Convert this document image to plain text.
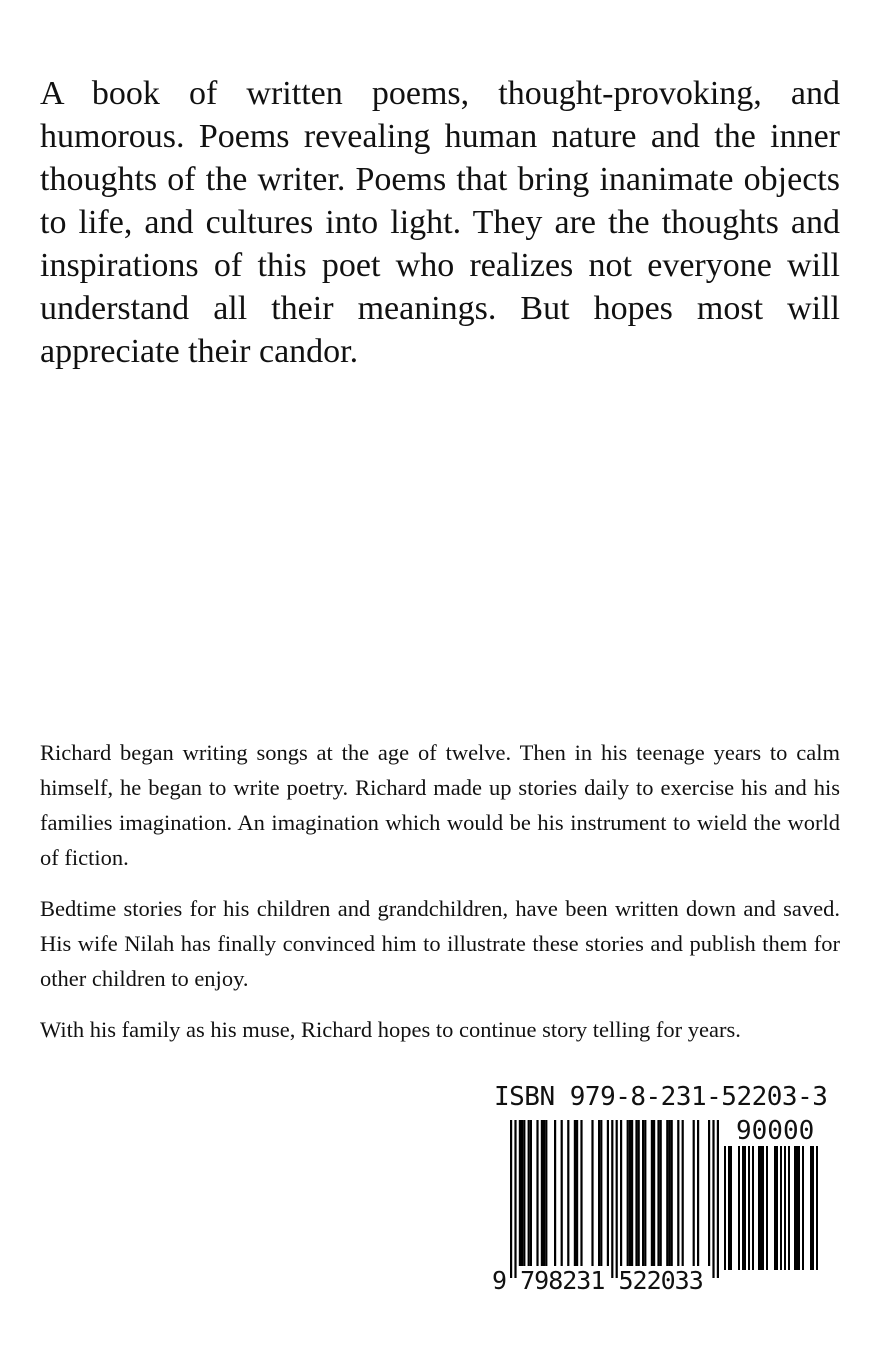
A book of written poems, thought-provoking, and humorous. Poems revealing human nature and the inner thoughts of the writer. Poems that bring inanimate objects to life, and cultures into light. They are the thoughts and inspirations of this poet who realizes not everyone will understand all their meanings. But hopes most will appreciate their candor.

Richard began writing songs at the age of twelve. Then in his teenage years to calm himself, he began to write poetry. Richard made up stories daily to exercise his and his families imagination. An imagination which would be his instrument to wield the world of fiction.

Bedtime stories for his children and grandchildren, have been written down and saved. His wife Nilah has finally convinced him to illustrate these stories and publish them for other children to enjoy.

With his family as his muse, Richard hopes to continue story telling for years.

ISBN 979-8-231-52203-3
90000
9 798231 522033
